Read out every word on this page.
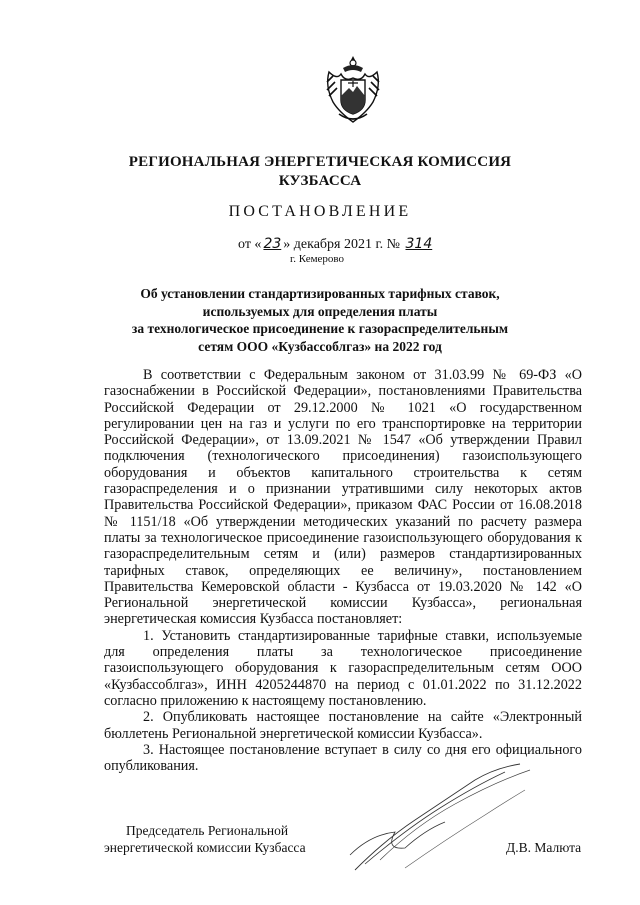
РЕГИОНАЛЬНАЯ ЭНЕРГЕТИЧЕСКАЯ КОМИССИЯ
КУЗБАССА
ПОСТАНОВЛЕНИЕ
от « 23 » декабря 2021 г. № 314
г. Кемерово
Об установлении стандартизированных тарифных ставок,
используемых для определения платы
за технологическое присоединение к газораспределительным
сетям ООО «Кузбассоблгаз» на 2022 год

В соответствии с Федеральным законом от 31.03.99 № 69-ФЗ «О газоснабжении в Российской Федерации», постановлениями Правительства Российской Федерации от 29.12.2000 № 1021 «О государственном регулировании цен на газ и услуги по его транспортировке на территории Российской Федерации», от 13.09.2021 № 1547 «Об утверждении Правил подключения (технологического присоединения) газоиспользующего оборудования и объектов капитального строительства к сетям газораспределения и о признании утратившими силу некоторых актов Правительства Российской Федерации», приказом ФАС России от 16.08.2018 № 1151/18 «Об утверждении методических указаний по расчету размера платы за технологическое присоединение газоиспользующего оборудования к газораспределительным сетям и (или) размеров стандартизированных тарифных ставок, определяющих ее величину», постановлением Правительства Кемеровской области - Кузбасса от 19.03.2020 № 142 «О Региональной энергетической комиссии Кузбасса», региональная энергетическая комиссия Кузбасса постановляет:

1. Установить стандартизированные тарифные ставки, используемые для определения платы за технологическое присоединение газоиспользующего оборудования к газораспределительным сетям ООО «Кузбассоблгаз», ИНН 4205244870 на период с 01.01.2022 по 31.12.2022 согласно приложению к настоящему постановлению.

2. Опубликовать настоящее постановление на сайте «Электронный бюллетень Региональной энергетической комиссии Кузбасса».

3. Настоящее постановление вступает в силу со дня его официального опубликования.

Председатель Региональной
энергетической комиссии Кузбасса	Д.В. Малюта
